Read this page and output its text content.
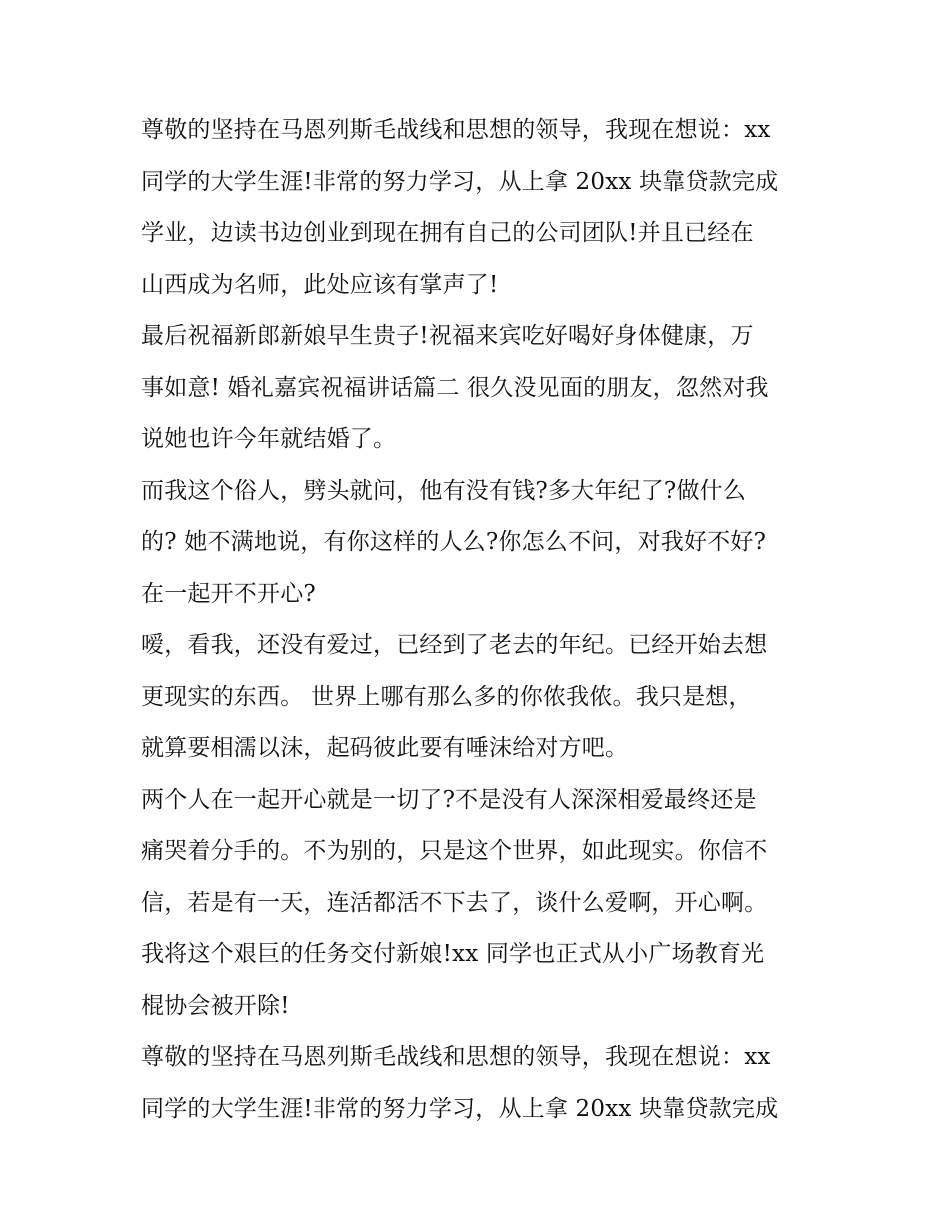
尊敬的坚持在马恩列斯毛战线和思想的领导，我现在想说：xx
同学的大学生涯!非常的努力学习，从上拿 20xx 块靠贷款完成
学业，边读书边创业到现在拥有自己的公司团队!并且已经在
山西成为名师，此处应该有掌声了!
最后祝福新郎新娘早生贵子!祝福来宾吃好喝好身体健康，万
事如意! 婚礼嘉宾祝福讲话篇二 很久没见面的朋友，忽然对我
说她也许今年就结婚了。
而我这个俗人，劈头就问，他有没有钱?多大年纪了?做什么
的? 她不满地说，有你这样的人么?你怎么不问，对我好不好?
在一起开不开心?
嗳，看我，还没有爱过，已经到了老去的年纪。已经开始去想
更现实的东西。 世界上哪有那么多的你侬我侬。我只是想，
就算要相濡以沫，起码彼此要有唾沫给对方吧。
两个人在一起开心就是一切了?不是没有人深深相爱最终还是
痛哭着分手的。不为别的，只是这个世界，如此现实。你信不
信，若是有一天，连活都活不下去了，谈什么爱啊，开心啊。
我将这个艰巨的任务交付新娘!xx 同学也正式从小广场教育光
棍协会被开除!
尊敬的坚持在马恩列斯毛战线和思想的领导，我现在想说：xx
同学的大学生涯!非常的努力学习，从上拿 20xx 块靠贷款完成
